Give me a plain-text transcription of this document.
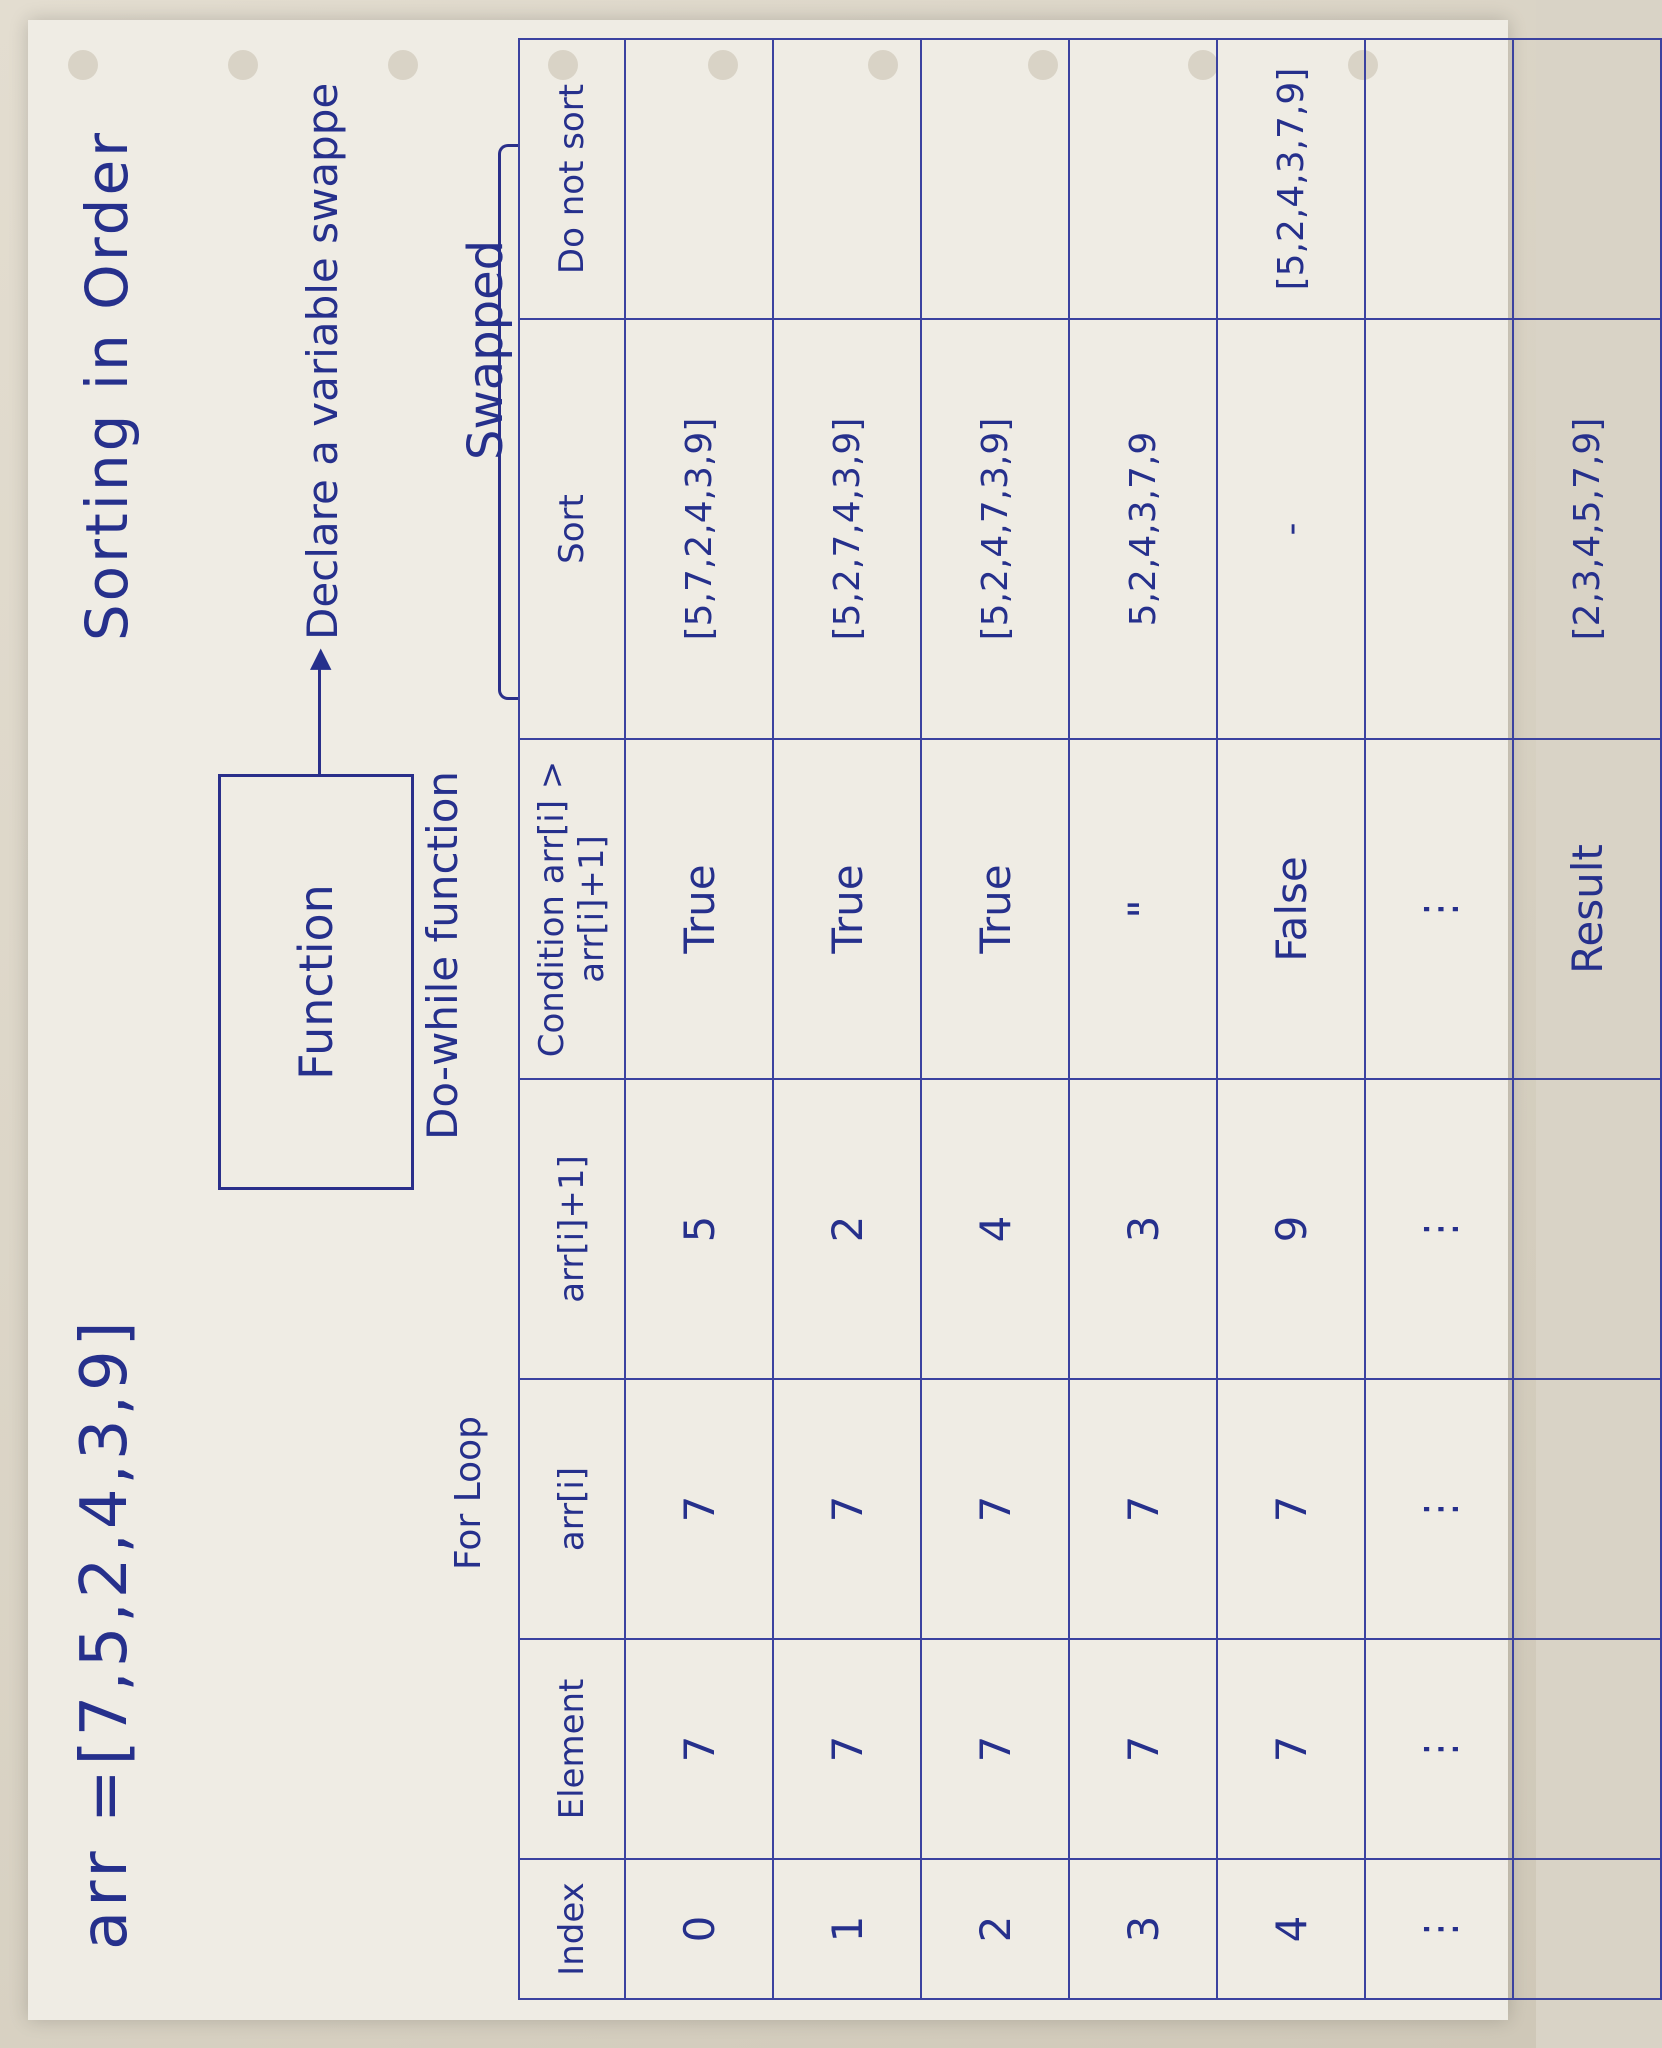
arr =[7,5,2,4,3,9]
Sorting in Order
Function
▶
Declare a variable swappe
Do-while function
For Loop
Swapped
Index	Element	arr[i]	arr[i]+1]	Condition arr[i] > arr[i]+1]	Sort	Do not sort
0	7	7	5	True	[5,7,2,4,3,9]	
1	7	7	2	True	[5,2,7,4,3,9]	
2	7	7	4	True	[5,2,4,7,3,9]	
3	7	7	3	"	5,2,4,3,7,9	
4	7	7	9	False	-	[5,2,4,3,7,9]
⋮	⋮	⋮	⋮	⋮		
				Result	[2,3,4,5,7,9]	
